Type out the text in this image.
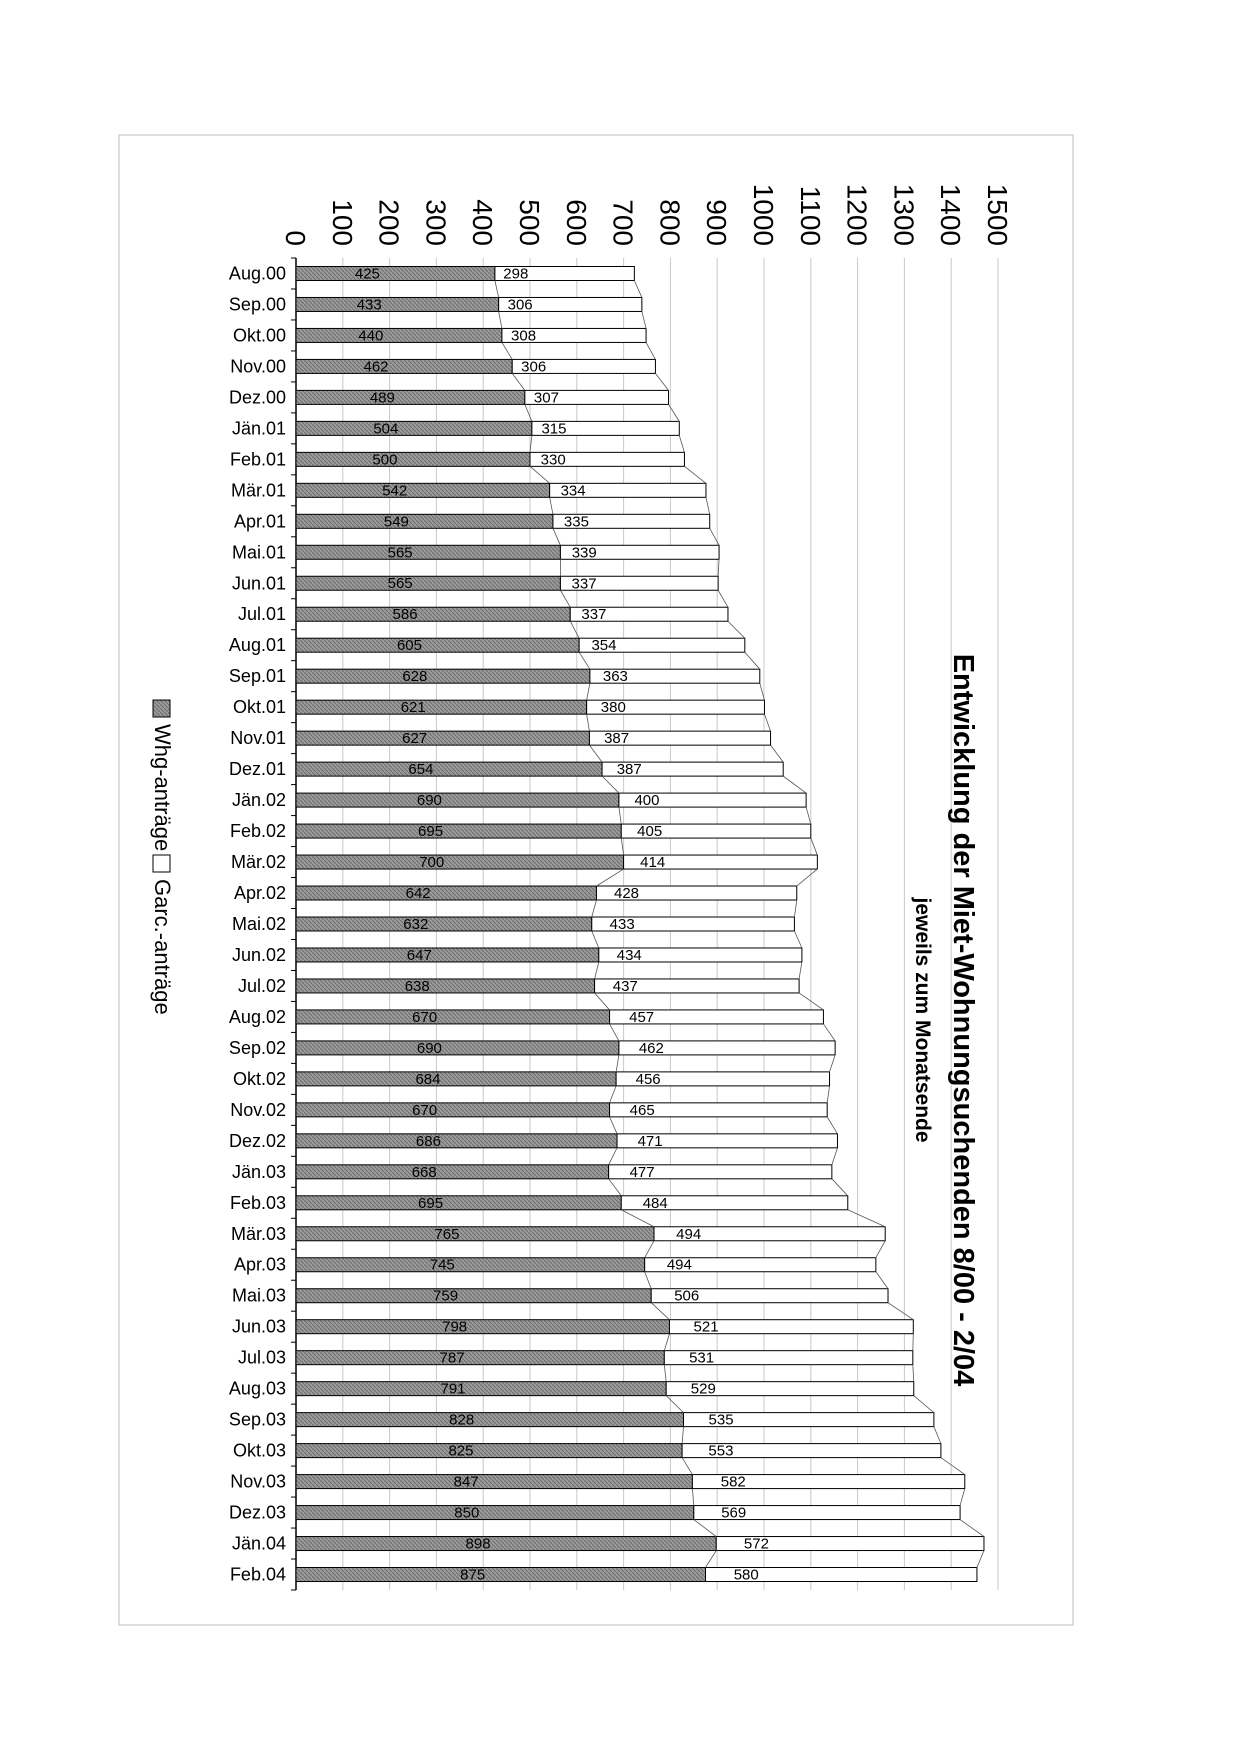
425	298
433	306
440	308
462	306
489	307
504	315
500	330
542	334
549	335
565	339
565	337
586	337
605	354
628	363
621	380
627	387
654	387
690	400
695	405
700	414
642	428
632	433
647	434
638	437
670	457
690	462
684	456
670	465
686	471
668	477
695	484
765	494
745	494
759	506
798	521
787	531
791	529
828	535
825	553
847	582
850	569
898	572
875	580
Aug.00
Sep.00
Okt.00
Nov.00
Dez.00
Jän.01
Feb.01
Mär.01
Apr.01
Mai.01
Jun.01
Jul.01
Aug.01
Sep.01
Okt.01
Nov.01
Dez.01
Jän.02
Feb.02
Mär.02
Apr.02
Mai.02
Jun.02
Jul.02
Aug.02
Sep.02
Okt.02
Nov.02
Dez.02
Jän.03
Feb.03
Mär.03
Apr.03
Mai.03
Jun.03
Jul.03
Aug.03
Sep.03
Okt.03
Nov.03
Dez.03
Jän.04
Feb.04
0 100 200 300 400 500 600 700 800 900 1000 1100 1200 1300 1400 1500
Entwicklung der Miet-Wohnungsuchenden 8/00 - 2/04
jeweils zum Monatsende
Whg-anträge
Garc.-anträge
